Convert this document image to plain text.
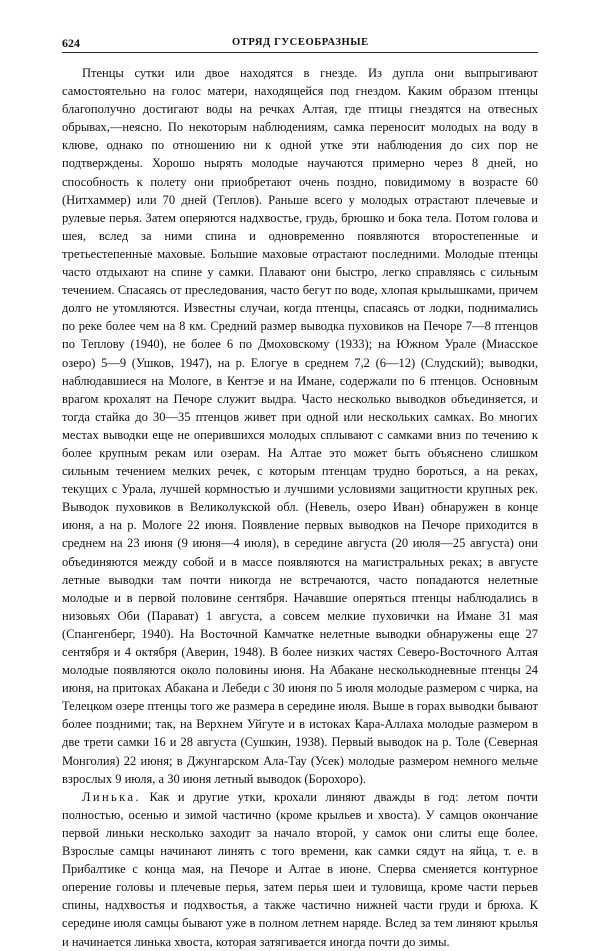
624	ОТРЯД ГУСЕОБРАЗНЫЕ

Птенцы сутки или двое находятся в гнезде. Из дупла они выпрыгивают самостоятельно на голос матери, находящейся под гнездом. Каким образом птенцы благополучно достигают воды на речках Алтая, где птицы гнездятся на отвесных обрывах,—неясно. По некоторым наблюдениям, самка переносит молодых на воду в клюве, однако по отношению ни к одной утке эти наблюдения до сих пор не подтверждены. Хорошо нырять молодые научаются примерно через 8 дней, но способность к полету они приобретают очень поздно, повидимому в возрасте 60 (Нитхаммер) или 70 дней (Теплов). Раньше всего у молодых отрастают плечевые и рулевые перья. Затем оперяются надхвостье, грудь, брюшко и бока тела. Потом голова и шея, вслед за ними спина и одновременно появляются второстепенные и третьестепенные маховые. Большие маховые отрастают последними. Молодые птенцы часто отдыхают на спине у самки. Плавают они быстро, легко справляясь с сильным течением. Спасаясь от преследования, часто бегут по воде, хлопая крылышками, причем долго не утомляются. Известны случаи, когда птенцы, спасаясь от лодки, поднимались по реке более чем на 8 км. Средний размер выводка пуховиков на Печоре 7—8 птенцов по Теплову (1940), не более 6 по Дмоховскому (1933); на Южном Урале (Миасское озеро) 5—9 (Ушков, 1947), на р. Елогуе в среднем 7,2 (6—12) (Слудский); выводки, наблюдавшиеся на Мологе, в Кентэе и на Имане, содержали по 6 птенцов. Основным врагом крохалят на Печоре служит выдра. Часто несколько выводков объединяется, и тогда стайка до 30—35 птенцов живет при одной или нескольких самках. Во многих местах выводки еще не оперившихся молодых сплывают с самками вниз по течению к более крупным рекам или озерам. На Алтае это может быть объяснено слишком сильным течением мелких речек, с которым птенцам трудно бороться, а на реках, текущих с Урала, лучшей кормностью и лучшими условиями защитности крупных рек. Выводок пуховиков в Великолукской обл. (Невель, озеро Иван) обнаружен в конце июня, а на р. Мологе 22 июня. Появление первых выводков на Печоре приходится в среднем на 23 июня (9 июня—4 июля), в середине августа (20 июля—25 августа) они объединяются между собой и в массе появляются на магистральных реках; в августе летные выводки там почти никогда не встречаются, часто попадаются нелетные молодые и в первой половине сентября. Начавшие оперяться птенцы наблюдались в низовьях Оби (Парават) 1 августа, а совсем мелкие пуховички на Имане 31 мая (Спангенберг, 1940). На Восточной Камчатке нелетные выводки обнаружены еще 27 сентября и 4 октября (Аверин, 1948). В более низких частях Северо-Восточного Алтая молодые появляются около половины июня. На Абакане несколькодневные птенцы 24 июня, на притоках Абакана и Лебеди с 30 июня по 5 июля молодые размером с чирка, на Телецком озере птенцы того же размера в середине июля. Выше в горах выводки бывают более поздними; так, на Верхнем Уйгуте и в истоках Кара-Аллаха молодые размером в две трети самки 16 и 28 августа (Сушкин, 1938). Первый выводок на р. Толе (Северная Монголия) 22 июня; в Джунгарском Ала-Тау (Усек) молодые размером немного мельче взрослых 9 июля, а 30 июня летный выводок (Борохоро).

Линька. Как и другие утки, крохали линяют дважды в год: летом почти полностью, осенью и зимой частично (кроме крыльев и хвоста). У самцов окончание первой линьки несколько заходит за начало второй, у самок они слиты еще более. Взрослые самцы начинают линять с того времени, как самки сядут на яйца, т. е. в Прибалтике с конца мая, на Печоре и Алтае в июне. Сперва сменяется контурное оперение головы и плечевые перья, затем перья шеи и туловища, кроме части перьев спины, надхвостья и подхвостья, а также частично нижней части груди и брюха. К середине июля самцы бывают уже в полном летнем наряде. Вслед за тем линяют крылья и начинается линька хвоста, которая затягивается иногда почти до зимы.
